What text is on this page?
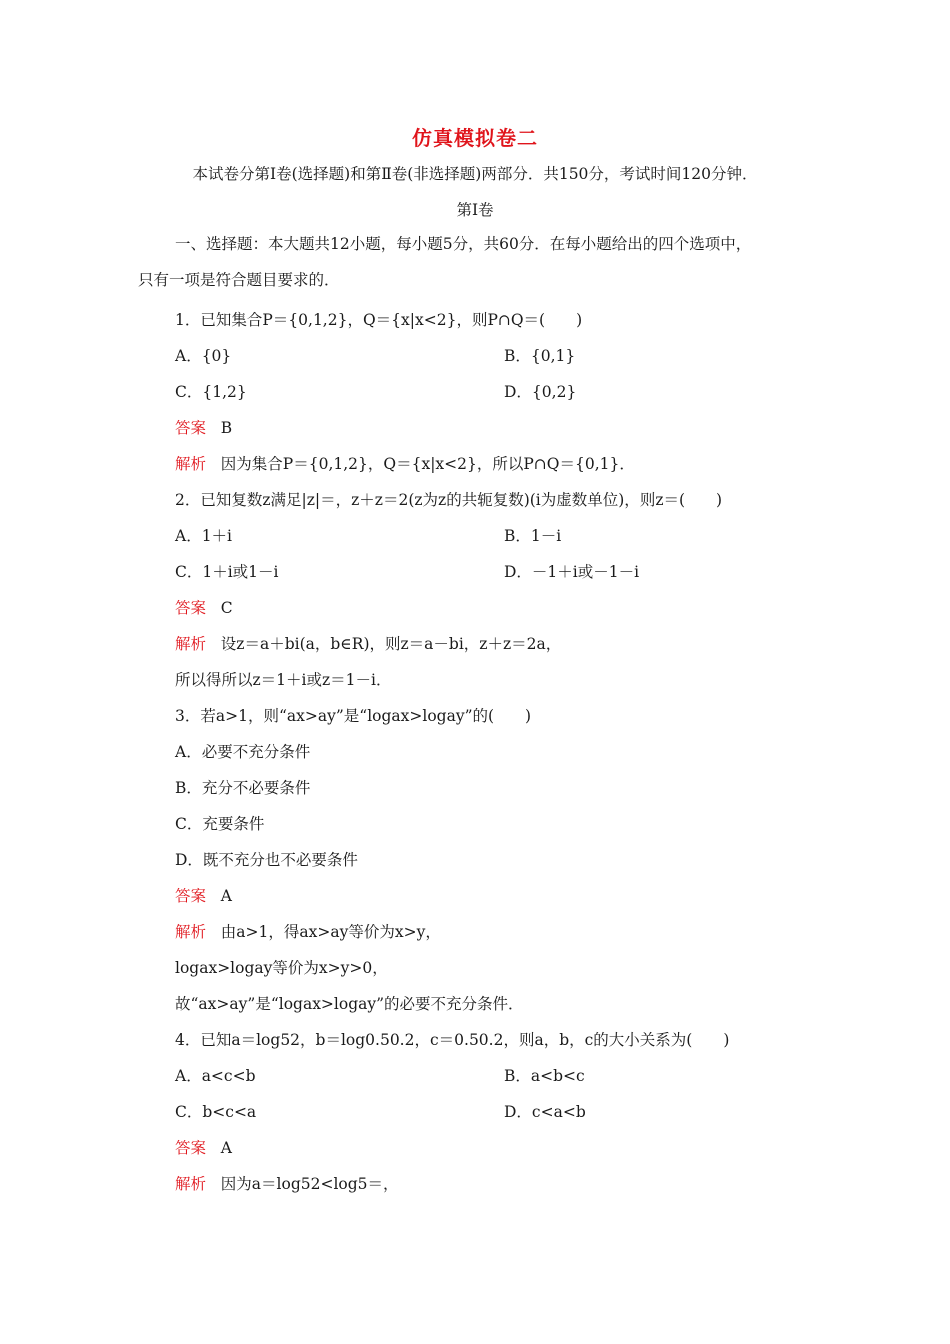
仿真模拟卷二
本试卷分第Ⅰ卷(选择题)和第Ⅱ卷(非选择题)两部分．共150分，考试时间120分钟．
第Ⅰ卷
一、选择题：本大题共12小题，每小题5分，共60分．在每小题给出的四个选项中，
只有一项是符合题目要求的．
1．已知集合P＝{0,1,2}，Q＝{x|x<2}，则P∩Q＝(　　)
A．{0}	B．{0,1}
C．{1,2}	D．{0,2}
答案 B
解析 因为集合P＝{0,1,2}，Q＝{x|x<2}，所以P∩Q＝{0,1}．
2．已知复数z满足|z|＝，z＋z＝2(z为z的共轭复数)(i为虚数单位)，则z＝(　　)
A．1＋i	B．1－i
C．1＋i或1－i	D．－1＋i或－1－i
答案 C
解析 设z＝a＋bi(a，b∈R)，则z＝a－bi，z＋z＝2a，
所以得所以z＝1＋i或z＝1－i．
3．若a>1，则“ax>ay”是“logax>logay”的(　　)
A．必要不充分条件
B．充分不必要条件
C．充要条件
D．既不充分也不必要条件
答案 A
解析 由a>1，得ax>ay等价为x>y，
logax>logay等价为x>y>0，
故“ax>ay”是“logax>logay”的必要不充分条件．
4．已知a＝log52，b＝log0.50.2，c＝0.50.2，则a，b，c的大小关系为(　　)
A．a<c<b	B．a<b<c
C．b<c<a	D．c<a<b
答案 A
解析 因为a＝log52<log5＝，
